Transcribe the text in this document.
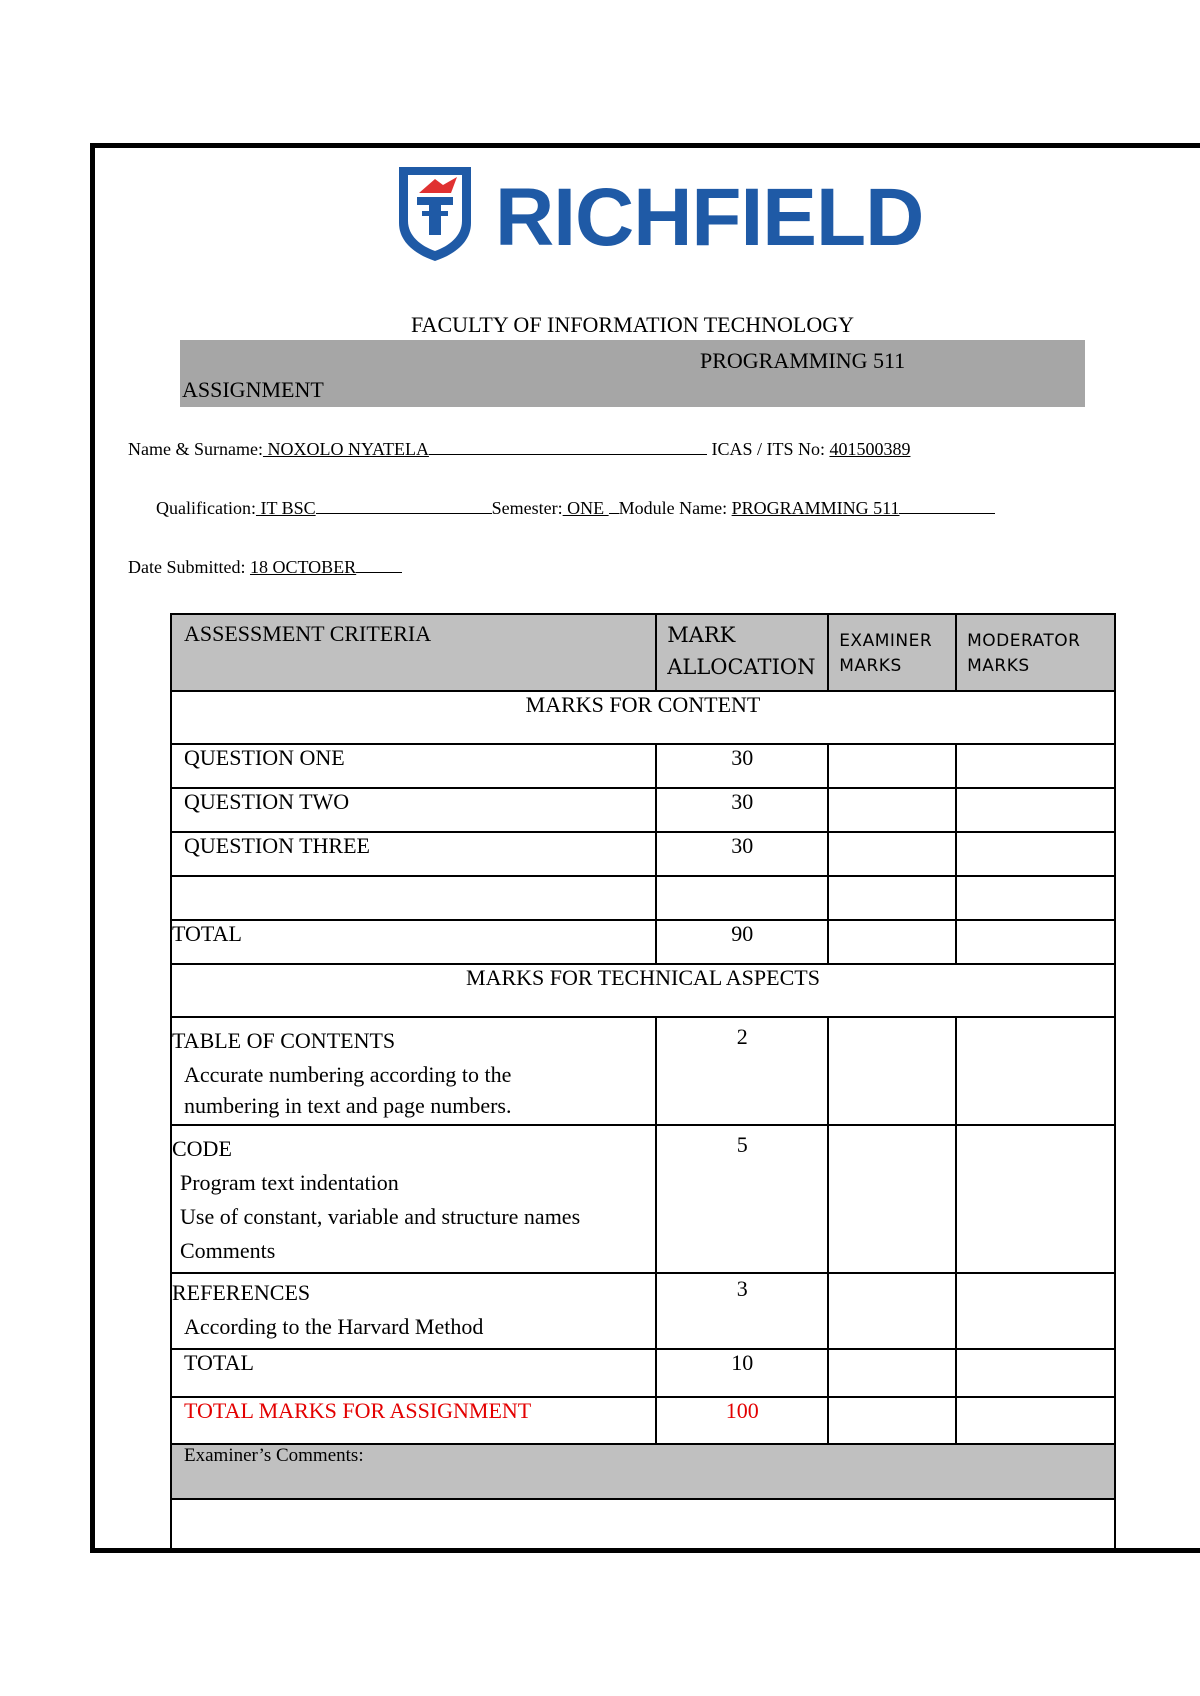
RICHFIELD
FACULTY OF INFORMATION TECHNOLOGY
PROGRAMMING 511
ASSIGNMENT
Name & Surname: NOXOLO NYATELA	ICAS / ITS No: 401500389
Qualification: IT BSC	Semester: ONE Module Name: PROGRAMMING 511
Date Submitted: 18 OCTOBER
ASSESSMENT CRITERIA	MARK ALLOCATION	EXAMINER MARKS	MODERATOR MARKS
MARKS FOR CONTENT			
QUESTION ONE	30		
QUESTION TWO	30		
QUESTION THREE	30		

TOTAL	90		
MARKS FOR TECHNICAL ASPECTS			

TABLE OF CONTENTS
Accurate numbering according to the
numbering in text and page numbers.	2		

CODE
Program text indentation
Use of constant, variable and structure names
Comments	5		

REFERENCES
According to the Harvard Method	3		
TOTAL	10		
TOTAL MARKS FOR ASSIGNMENT	100		
Examiner’s Comments:			
